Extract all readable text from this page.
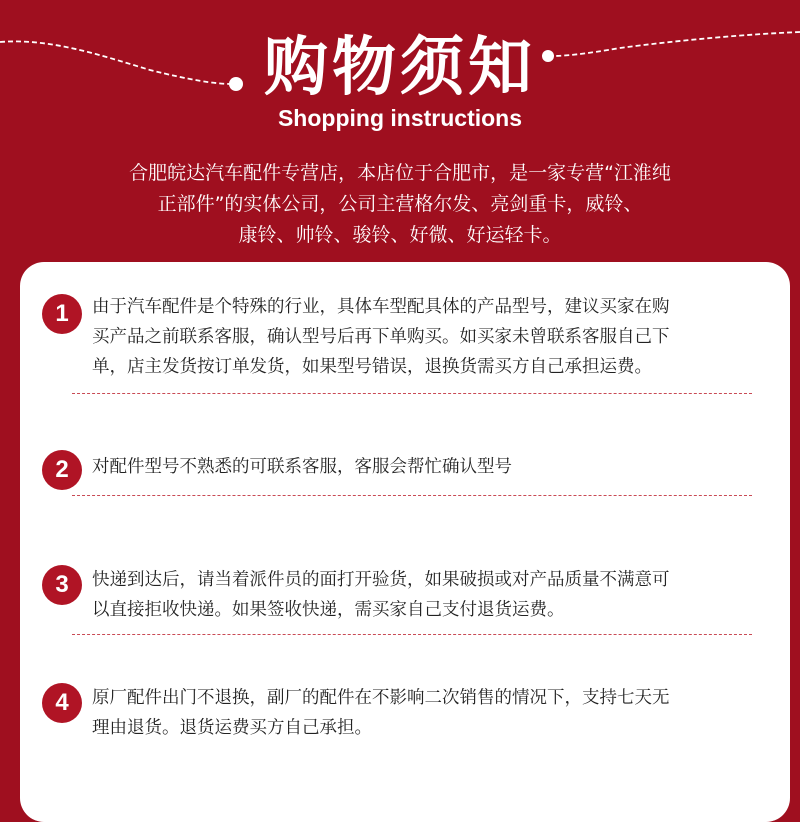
购物须知
Shopping instructions
合肥皖达汽车配件专营店，本店位于合肥市，是一家专营“江淮纯
正部件”的实体公司，公司主营格尔发、亮剑重卡，威铃、
康铃、帅铃、骏铃、好微、好运轻卡。
1	由于汽车配件是个特殊的行业，具体车型配具体的产品型号，建议买家在购
买产品之前联系客服，确认型号后再下单购买。如买家未曾联系客服自己下
单，店主发货按订单发货，如果型号错误，退换货需买方自己承担运费。
2	对配件型号不熟悉的可联系客服，客服会帮忙确认型号
3	快递到达后，请当着派件员的面打开验货，如果破损或对产品质量不满意可
以直接拒收快递。如果签收快递，需买家自己支付退货运费。
4	原厂配件出门不退换，副厂的配件在不影响二次销售的情况下，支持七天无
理由退货。退货运费买方自己承担。
